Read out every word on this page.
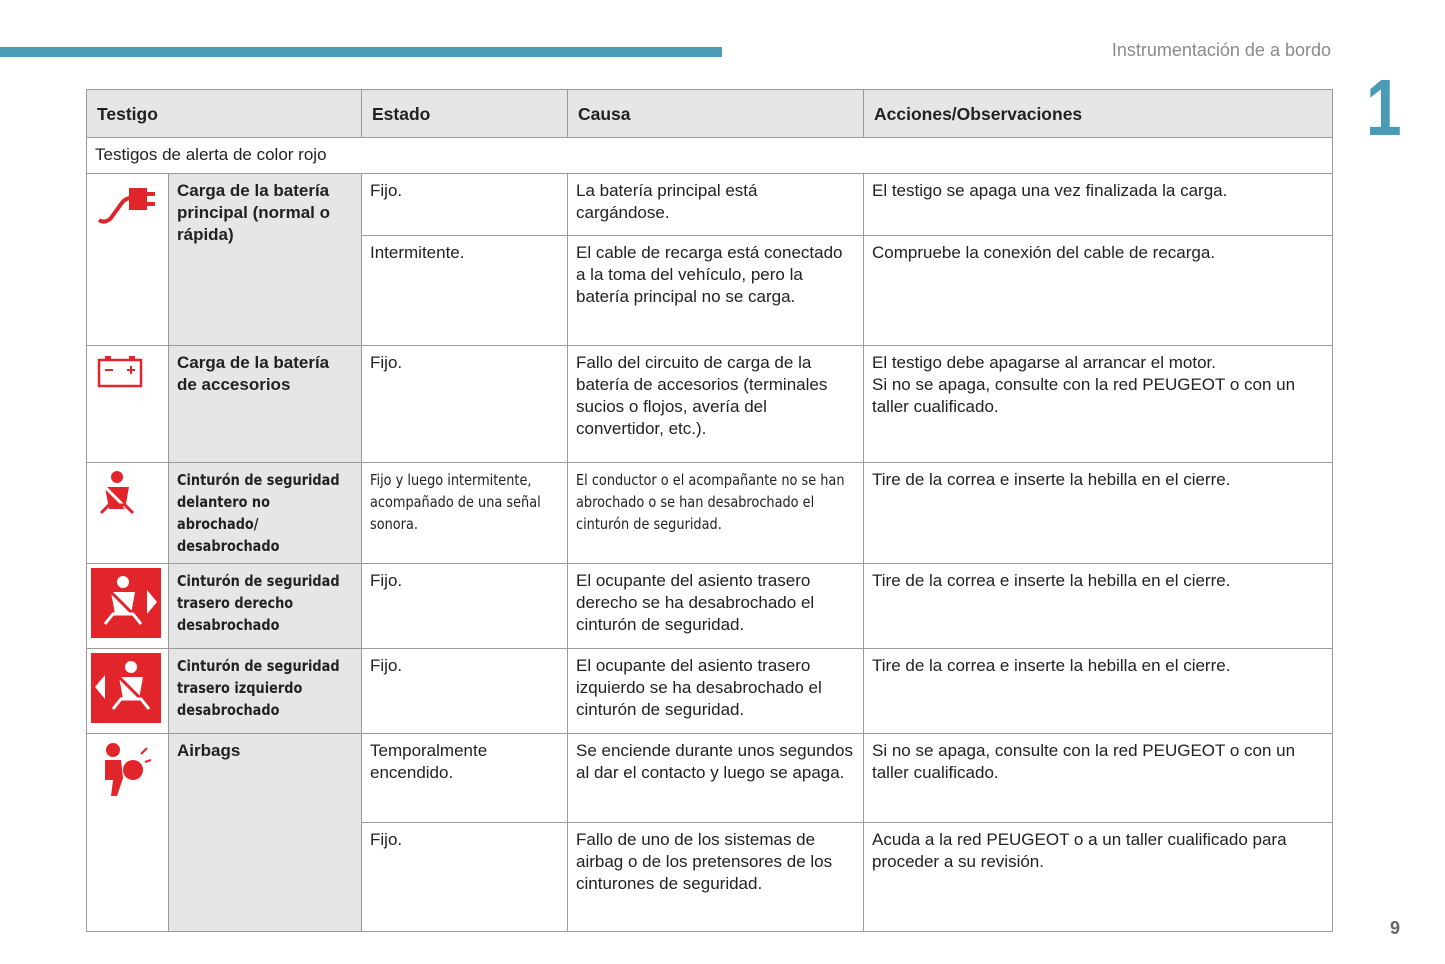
Instrumentación de a bordo
1
9
Testigo		Estado	Causa	Acciones/Observaciones
Testigos de alerta de color rojo				
	Carga de la batería principal (normal o rápida)	Fijo.	La batería principal está cargándose.	El testigo se apaga una vez finalizada la carga.
		Intermitente.	El cable de recarga está conectado a la toma del vehículo, pero la batería principal no se carga.	Compruebe la conexión del cable de recarga.
	Carga de la batería de accesorios	Fijo.	Fallo del circuito de carga de la batería de accesorios (terminales sucios o flojos, avería del convertidor, etc.).	El testigo debe apagarse al arrancar el motor.
Si no se apaga, consulte con la red PEUGEOT o con un taller cualificado.
	Cinturón de seguridad delantero no abrochado/ desabrochado	Fijo y luego intermitente, acompañado de una señal sonora.	El conductor o el acompañante no se han abrochado o se han desabrochado el cinturón de seguridad.	Tire de la correa e inserte la hebilla en el cierre.
	Cinturón de seguridad trasero derecho desabrochado	Fijo.	El ocupante del asiento trasero derecho se ha desabrochado el cinturón de seguridad.	Tire de la correa e inserte la hebilla en el cierre.
	Cinturón de seguridad trasero izquierdo desabrochado	Fijo.	El ocupante del asiento trasero izquierdo se ha desabrochado el cinturón de seguridad.	Tire de la correa e inserte la hebilla en el cierre.
	Airbags	Temporalmente encendido.	Se enciende durante unos segundos al dar el contacto y luego se apaga.	Si no se apaga, consulte con la red PEUGEOT o con un taller cualificado.
		Fijo.	Fallo de uno de los sistemas de airbag o de los pretensores de los cinturones de seguridad.	Acuda a la red PEUGEOT o a un taller cualificado para proceder a su revisión.
